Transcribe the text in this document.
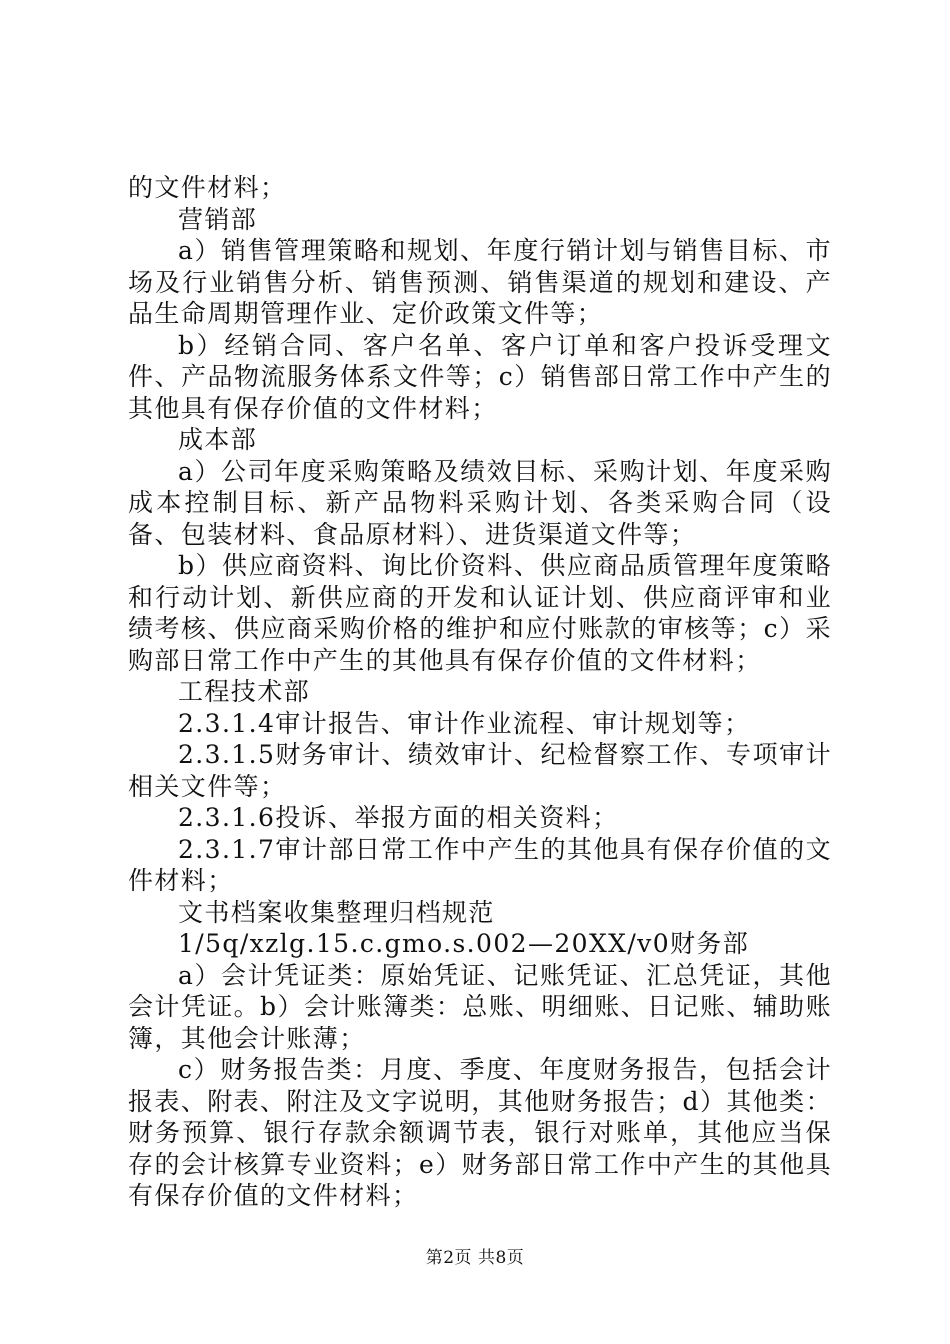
的文件材料；

营销部

a）销售管理策略和规划、年度行销计划与销售目标、市场及行业销售分析、销售预测、销售渠道的规划和建设、产品生命周期管理作业、定价政策文件等；

b）经销合同、客户名单、客户订单和客户投诉受理文件、产品物流服务体系文件等；c）销售部日常工作中产生的其他具有保存价值的文件材料；

成本部

a）公司年度采购策略及绩效目标、采购计划、年度采购成本控制目标、新产品物料采购计划、各类采购合同（设备、包装材料、食品原材料）、进货渠道文件等；

b）供应商资料、询比价资料、供应商品质管理年度策略和行动计划、新供应商的开发和认证计划、供应商评审和业绩考核、供应商采购价格的维护和应付账款的审核等；c）采购部日常工作中产生的其他具有保存价值的文件材料；

工程技术部

2.3.1.4审计报告、审计作业流程、审计规划等；

2.3.1.5财务审计、绩效审计、纪检督察工作、专项审计相关文件等；

2.3.1.6投诉、举报方面的相关资料；

2.3.1.7审计部日常工作中产生的其他具有保存价值的文件材料；

文书档案收集整理归档规范

1/5q/xzlg.15.c.gmo.s.002—20XX/v0财务部

a）会计凭证类：原始凭证、记账凭证、汇总凭证，其他会计凭证。b）会计账簿类：总账、明细账、日记账、辅助账簿，其他会计账薄；

c）财务报告类：月度、季度、年度财务报告，包括会计报表、附表、附注及文字说明，其他财务报告；d）其他类：财务预算、银行存款余额调节表，银行对账单，其他应当保存的会计核算专业资料；e）财务部日常工作中产生的其他具有保存价值的文件材料；

第2页 共8页
